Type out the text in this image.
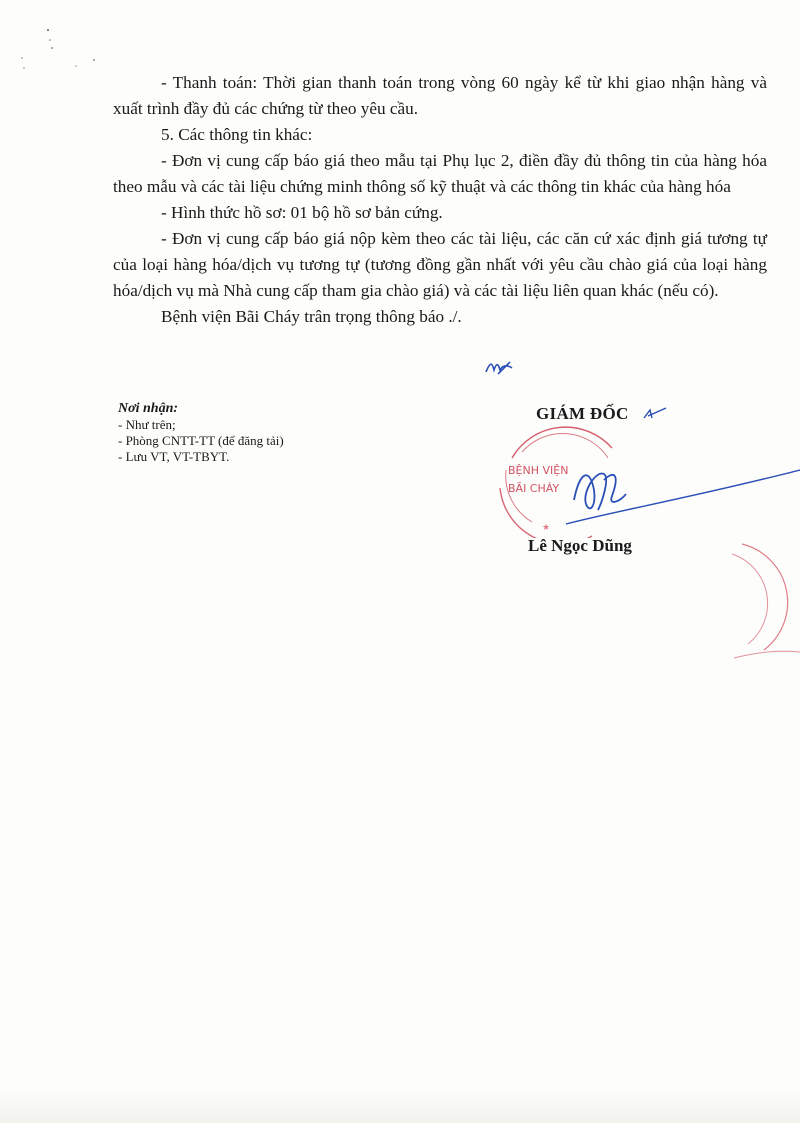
- Thanh toán: Thời gian thanh toán trong vòng 60 ngày kể từ khi giao nhận hàng và xuất trình đầy đủ các chứng từ theo yêu cầu.

5. Các thông tin khác:

- Đơn vị cung cấp báo giá theo mẫu tại Phụ lục 2, điền đầy đủ thông tin của hàng hóa theo mẫu và các tài liệu chứng minh thông số kỹ thuật và các thông tin khác của hàng hóa

- Hình thức hồ sơ: 01 bộ hồ sơ bản cứng.

- Đơn vị cung cấp báo giá nộp kèm theo các tài liệu, các căn cứ xác định giá tương tự của loại hàng hóa/dịch vụ tương tự (tương đồng gần nhất với yêu cầu chào giá của loại hàng hóa/dịch vụ mà Nhà cung cấp tham gia chào giá) và các tài liệu liên quan khác (nếu có).

Bệnh viện Bãi Cháy trân trọng thông báo ./.

Nơi nhận:
- Như trên;
- Phòng CNTT-TT (để đăng tải)
- Lưu VT, VT-TBYT.
BỆNH VIỆN
BÃI CHÁY
★
GIÁM ĐỐC
Lê Ngọc Dũng
